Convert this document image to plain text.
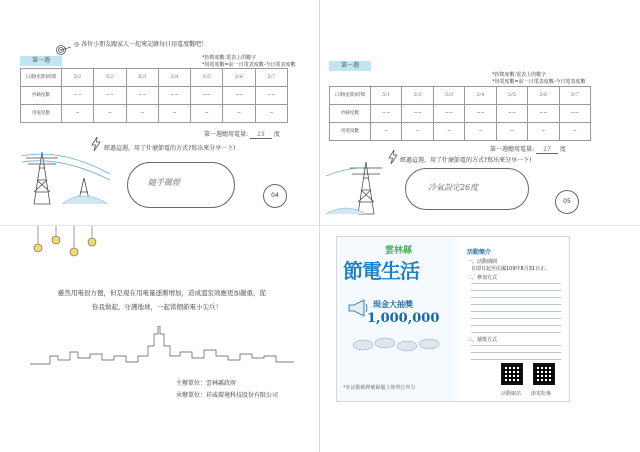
◎ 各位小朋友跟家人一起來記錄每日用電度數吧！
第一週	*抄錶度數:電表上的數字
*用電度數=前一日電表度數-今日電表度數
日期(星期)時間	5/1	5/2	5/3	5/4	5/5	5/6	5/7
抄錶度數	~~	~~	~~	~~	~~	~~	~~
用電度數	~	~	~	~	~	~	~
第一週總用電量: 15 度
經過這週，用了什麼節電的方式?寫出來分享一下!
隨手關燈
04
第一週
*抄錶度數:電表上的數字
*用電度數=前一日電表度數-今日電表度數
日期(星期)時間	5/1	5/2	5/3	5/4	5/5	5/6	5/7
抄錶度數	~~	~~	~~	~~	~~	~~	~~
用電度數	~	~	~	~	~	~	~
第一週總用電量: 17 度
經過這週，用了什麼節電的方式?寫出來分享一下!
冷氣設定26度
05
雖然用電很方便，但是現在用電量逐漸增加，造成溫室效應更加嚴重，從
你我做起，守護地球，一起當個節電小尖兵！
主辦單位：雲林縣政府
承辦單位：祥威環境科技股份有限公司
雲林縣
節電生活
現金大抽獎
1,000,000
*本活動解釋權歸屬主辦單位所有
活動簡介
一、活動期間
自即日起至民國109年8月31日止。
二、參加方式
三、抽獎方式
活動網站 節電粉專
